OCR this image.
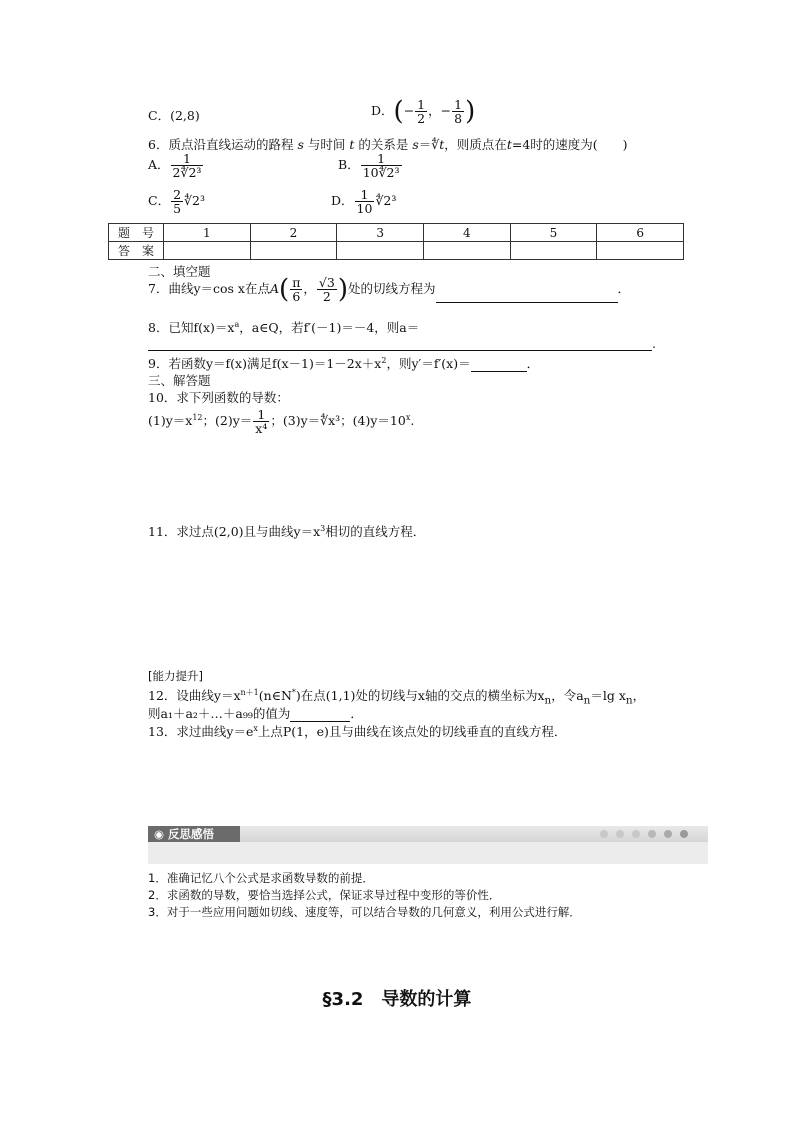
C．(2,8)	D．(− $\frac{1}{2}$ ，− $\frac{1}{8}$ )
6．质点沿直线运动的路程 s 与时间 t 的关系是 s＝∜t，则质点在t=4时的速度为(　　)
A． $\frac{1}{\text{2∜2³}}$	B． $\frac{1}{\text{10∜2³}}$
C． $\frac{2}{5}$ ∜2³	D． $\frac{1}{10}$ ∜2³
题　号	1	2	3	4	5	6
答　案						
二、填空题
7．曲线y＝cos x在点$A( \frac{\pi}{6}$ ， $\frac{√3}{2}$ )处的切线方程为	．
8．已知$f(x)=x^a$，a∈Q，若f′(－1)＝－4，则a＝
.
9．若函数y＝f(x)满足$f(x-1)=1-2x+x^2$，则y′＝f′(x)＝	．
三、解答题
10．求下列函数的导数：
$(1)y=x^{12}$；$(2)y= \frac{1}{\text{x⁴}}$ ；(3)y＝∜x³；$(4)y=10^x$.
11．求过点(2,0)且与曲线$y=x^3$相切的直线方程．
[能力提升]
12．设曲线$y=x^{n+1}(n\in N^*)$在点(1,1)处的切线与x轴的交点的横坐标为$x_n$，令$a_n=\lg$ $x_n$，
则a₁＋a₂＋…＋a₉₉的值为	．
13．求过曲线$y=e^x$上点P(1，e)且与曲线在该点处的切线垂直的直线方程．
◉ 反思感悟
1．准确记忆八个公式是求函数导数的前提．
2．求函数的导数，要恰当选择公式，保证求导过程中变形的等价性．
3．对于一些应用问题如切线、速度等，可以结合导数的几何意义，利用公式进行解．
§3.2　导数的计算
